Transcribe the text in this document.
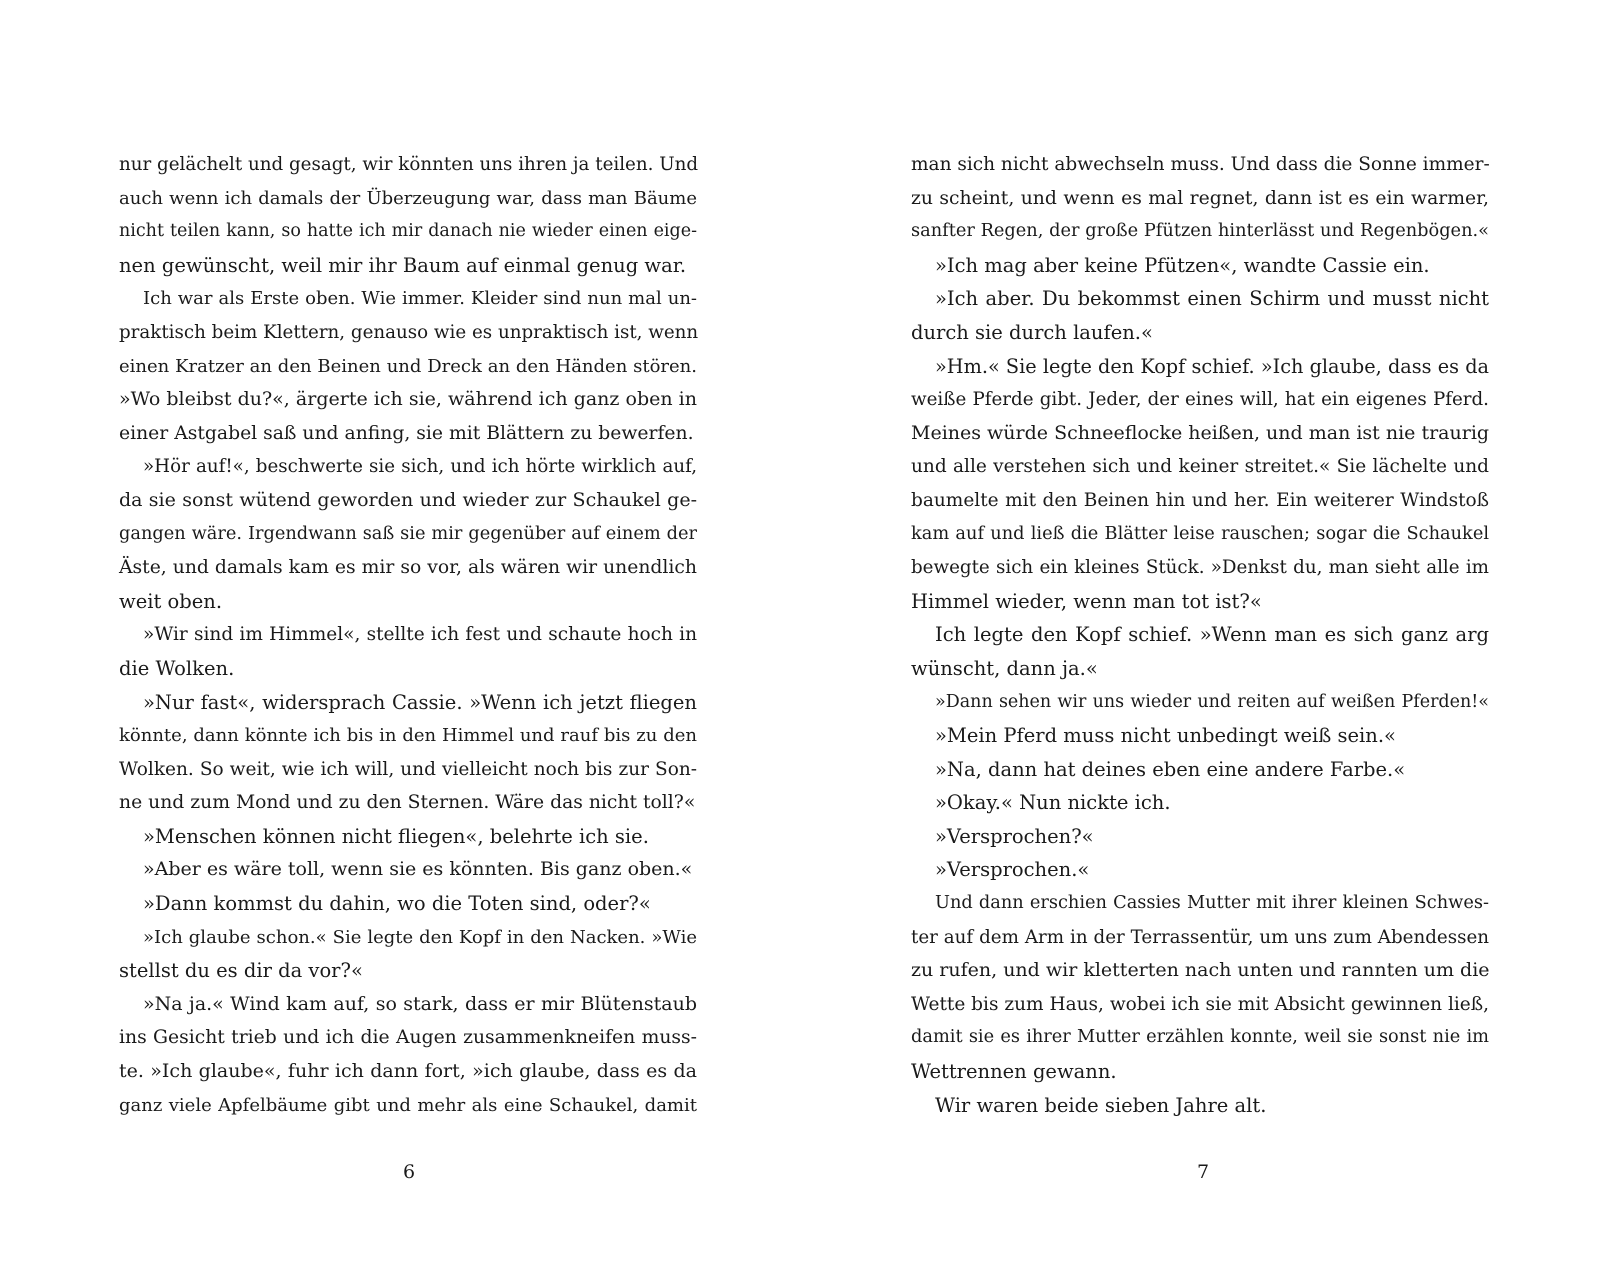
nur gelächelt und gesagt, wir könnten uns ihren ja teilen. Und
auch wenn ich damals der Überzeugung war, dass man Bäume
nicht teilen kann, so hatte ich mir danach nie wieder einen eige-
nen gewünscht, weil mir ihr Baum auf einmal genug war.
Ich war als Erste oben. Wie immer. Kleider sind nun mal un-
praktisch beim Klettern, genauso wie es unpraktisch ist, wenn
einen Kratzer an den Beinen und Dreck an den Händen stören.
»Wo bleibst du?«, ärgerte ich sie, während ich ganz oben in
einer Astgabel saß und anfing, sie mit Blättern zu bewerfen.
»Hör auf!«, beschwerte sie sich, und ich hörte wirklich auf,
da sie sonst wütend geworden und wieder zur Schaukel ge-
gangen wäre. Irgendwann saß sie mir gegenüber auf einem der
Äste, und damals kam es mir so vor, als wären wir unendlich
weit oben.
»Wir sind im Himmel«, stellte ich fest und schaute hoch in
die Wolken.
»Nur fast«, widersprach Cassie. »Wenn ich jetzt fliegen
könnte, dann könnte ich bis in den Himmel und rauf bis zu den
Wolken. So weit, wie ich will, und vielleicht noch bis zur Son-
ne und zum Mond und zu den Sternen. Wäre das nicht toll?«
»Menschen können nicht fliegen«, belehrte ich sie.
»Aber es wäre toll, wenn sie es könnten. Bis ganz oben.«
»Dann kommst du dahin, wo die Toten sind, oder?«
»Ich glaube schon.« Sie legte den Kopf in den Nacken. »Wie
stellst du es dir da vor?«
»Na ja.« Wind kam auf, so stark, dass er mir Blütenstaub
ins Gesicht trieb und ich die Augen zusammenkneifen muss-
te. »Ich glaube«, fuhr ich dann fort, »ich glaube, dass es da
ganz viele Apfelbäume gibt und mehr als eine Schaukel, damit
man sich nicht abwechseln muss. Und dass die Sonne immer-
zu scheint, und wenn es mal regnet, dann ist es ein warmer,
sanfter Regen, der große Pfützen hinterlässt und Regenbögen.«
»Ich mag aber keine Pfützen«, wandte Cassie ein.
»Ich aber. Du bekommst einen Schirm und musst nicht
durch sie durch laufen.«
»Hm.« Sie legte den Kopf schief. »Ich glaube, dass es da
weiße Pferde gibt. Jeder, der eines will, hat ein eigenes Pferd.
Meines würde Schneeflocke heißen, und man ist nie traurig
und alle verstehen sich und keiner streitet.« Sie lächelte und
baumelte mit den Beinen hin und her. Ein weiterer Windstoß
kam auf und ließ die Blätter leise rauschen; sogar die Schaukel
bewegte sich ein kleines Stück. »Denkst du, man sieht alle im
Himmel wieder, wenn man tot ist?«
Ich legte den Kopf schief. »Wenn man es sich ganz arg
wünscht, dann ja.«
»Dann sehen wir uns wieder und reiten auf weißen Pferden!«
»Mein Pferd muss nicht unbedingt weiß sein.«
»Na, dann hat deines eben eine andere Farbe.«
»Okay.« Nun nickte ich.
»Versprochen?«
»Versprochen.«
Und dann erschien Cassies Mutter mit ihrer kleinen Schwes-
ter auf dem Arm in der Terrassentür, um uns zum Abendessen
zu rufen, und wir kletterten nach unten und rannten um die
Wette bis zum Haus, wobei ich sie mit Absicht gewinnen ließ,
damit sie es ihrer Mutter erzählen konnte, weil sie sonst nie im
Wettrennen gewann.
Wir waren beide sieben Jahre alt.
6	7
